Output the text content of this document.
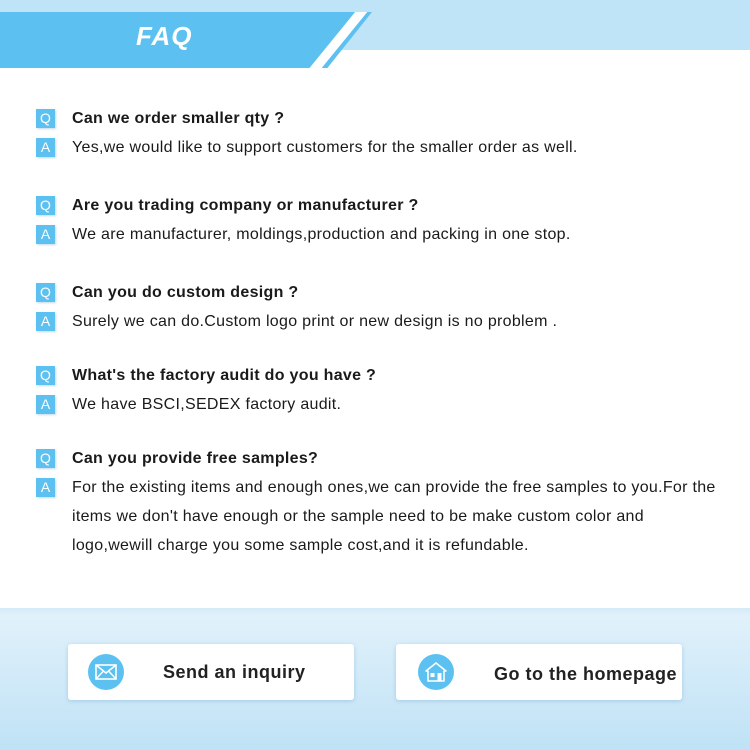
FAQ
Q Can we order smaller qty ?
A	Yes,we would like to support customers for the smaller order as well.
Q Are you trading company or manufacturer ?
A	We are manufacturer, moldings,production and packing in one stop.
Q Can you do custom design ?
A	Surely we can do.Custom logo print or new design is no problem .
Q What's the factory audit do you have ?
A	We have BSCI,SEDEX factory audit.
Q Can you provide free samples?
A	For the existing items and enough ones,we can provide the free samples to you.For the items we don't have enough or the sample need to be make custom color and logo,wewill charge you some sample cost,and it is refundable.
Send an inquiry	Go to the homepage
